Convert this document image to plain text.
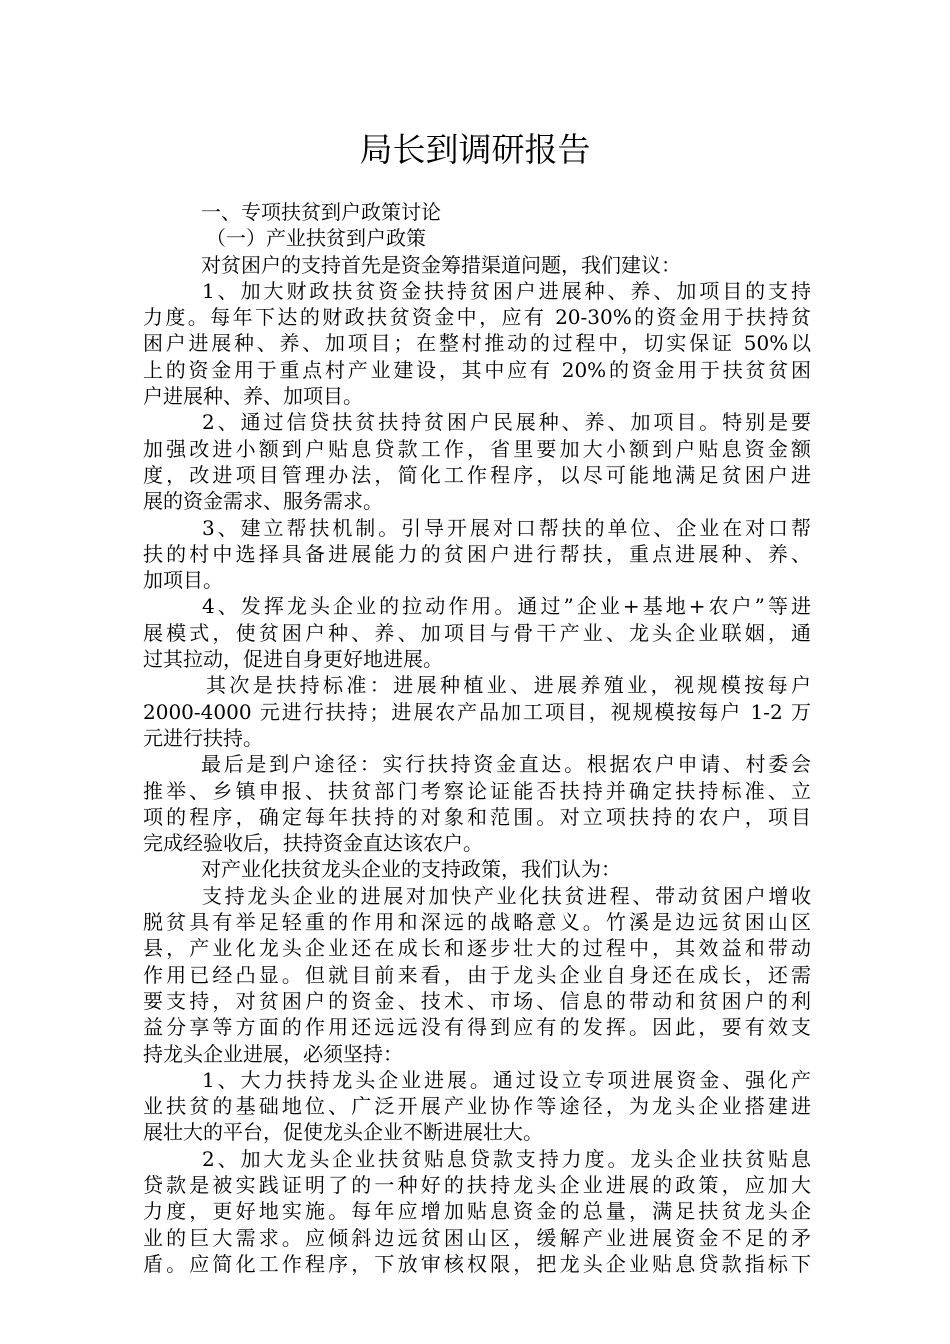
局长到调研报告
一、专项扶贫到户政策讨论
（一）产业扶贫到户政策
对贫困户的支持首先是资金筹措渠道问题，我们建议：
1、加大财政扶贫资金扶持贫困户进展种、养、加项目的支持
力度。每年下达的财政扶贫资金中，应有 20-30%的资金用于扶持贫
困户进展种、养、加项目；在整村推动的过程中，切实保证 50%以
上的资金用于重点村产业建设，其中应有 20%的资金用于扶贫贫困
户进展种、养、加项目。
2、通过信贷扶贫扶持贫困户民展种、养、加项目。特别是要
加强改进小额到户贴息贷款工作，省里要加大小额到户贴息资金额
度，改进项目管理办法，简化工作程序，以尽可能地满足贫困户进
展的资金需求、服务需求。
3、建立帮扶机制。引导开展对口帮扶的单位、企业在对口帮
扶的村中选择具备进展能力的贫困户进行帮扶，重点进展种、养、
加项目。
4、发挥龙头企业的拉动作用。通过”企业+基地+农户”等进
展模式，使贫困户种、养、加项目与骨干产业、龙头企业联姻，通
过其拉动，促进自身更好地进展。
其次是扶持标准：进展种植业、进展养殖业，视规模按每户
2000-4000 元进行扶持；进展农产品加工项目，视规模按每户 1-2 万
元进行扶持。
最后是到户途径：实行扶持资金直达。根据农户申请、村委会
推举、乡镇申报、扶贫部门考察论证能否扶持并确定扶持标准、立
项的程序，确定每年扶持的对象和范围。对立项扶持的农户，项目
完成经验收后，扶持资金直达该农户。
对产业化扶贫龙头企业的支持政策，我们认为：
支持龙头企业的进展对加快产业化扶贫进程、带动贫困户增收
脱贫具有举足轻重的作用和深远的战略意义。竹溪是边远贫困山区
县，产业化龙头企业还在成长和逐步壮大的过程中，其效益和带动
作用已经凸显。但就目前来看，由于龙头企业自身还在成长，还需
要支持，对贫困户的资金、技术、市场、信息的带动和贫困户的利
益分享等方面的作用还远远没有得到应有的发挥。因此，要有效支
持龙头企业进展，必须坚持：
1、大力扶持龙头企业进展。通过设立专项进展资金、强化产
业扶贫的基础地位、广泛开展产业协作等途径，为龙头企业搭建进
展壮大的平台，促使龙头企业不断进展壮大。
2、加大龙头企业扶贫贴息贷款支持力度。龙头企业扶贫贴息
贷款是被实践证明了的一种好的扶持龙头企业进展的政策，应加大
力度，更好地实施。每年应增加贴息资金的总量，满足扶贫龙头企
业的巨大需求。应倾斜边远贫困山区，缓解产业进展资金不足的矛
盾。应简化工作程序，下放审核权限，把龙头企业贴息贷款指标下
